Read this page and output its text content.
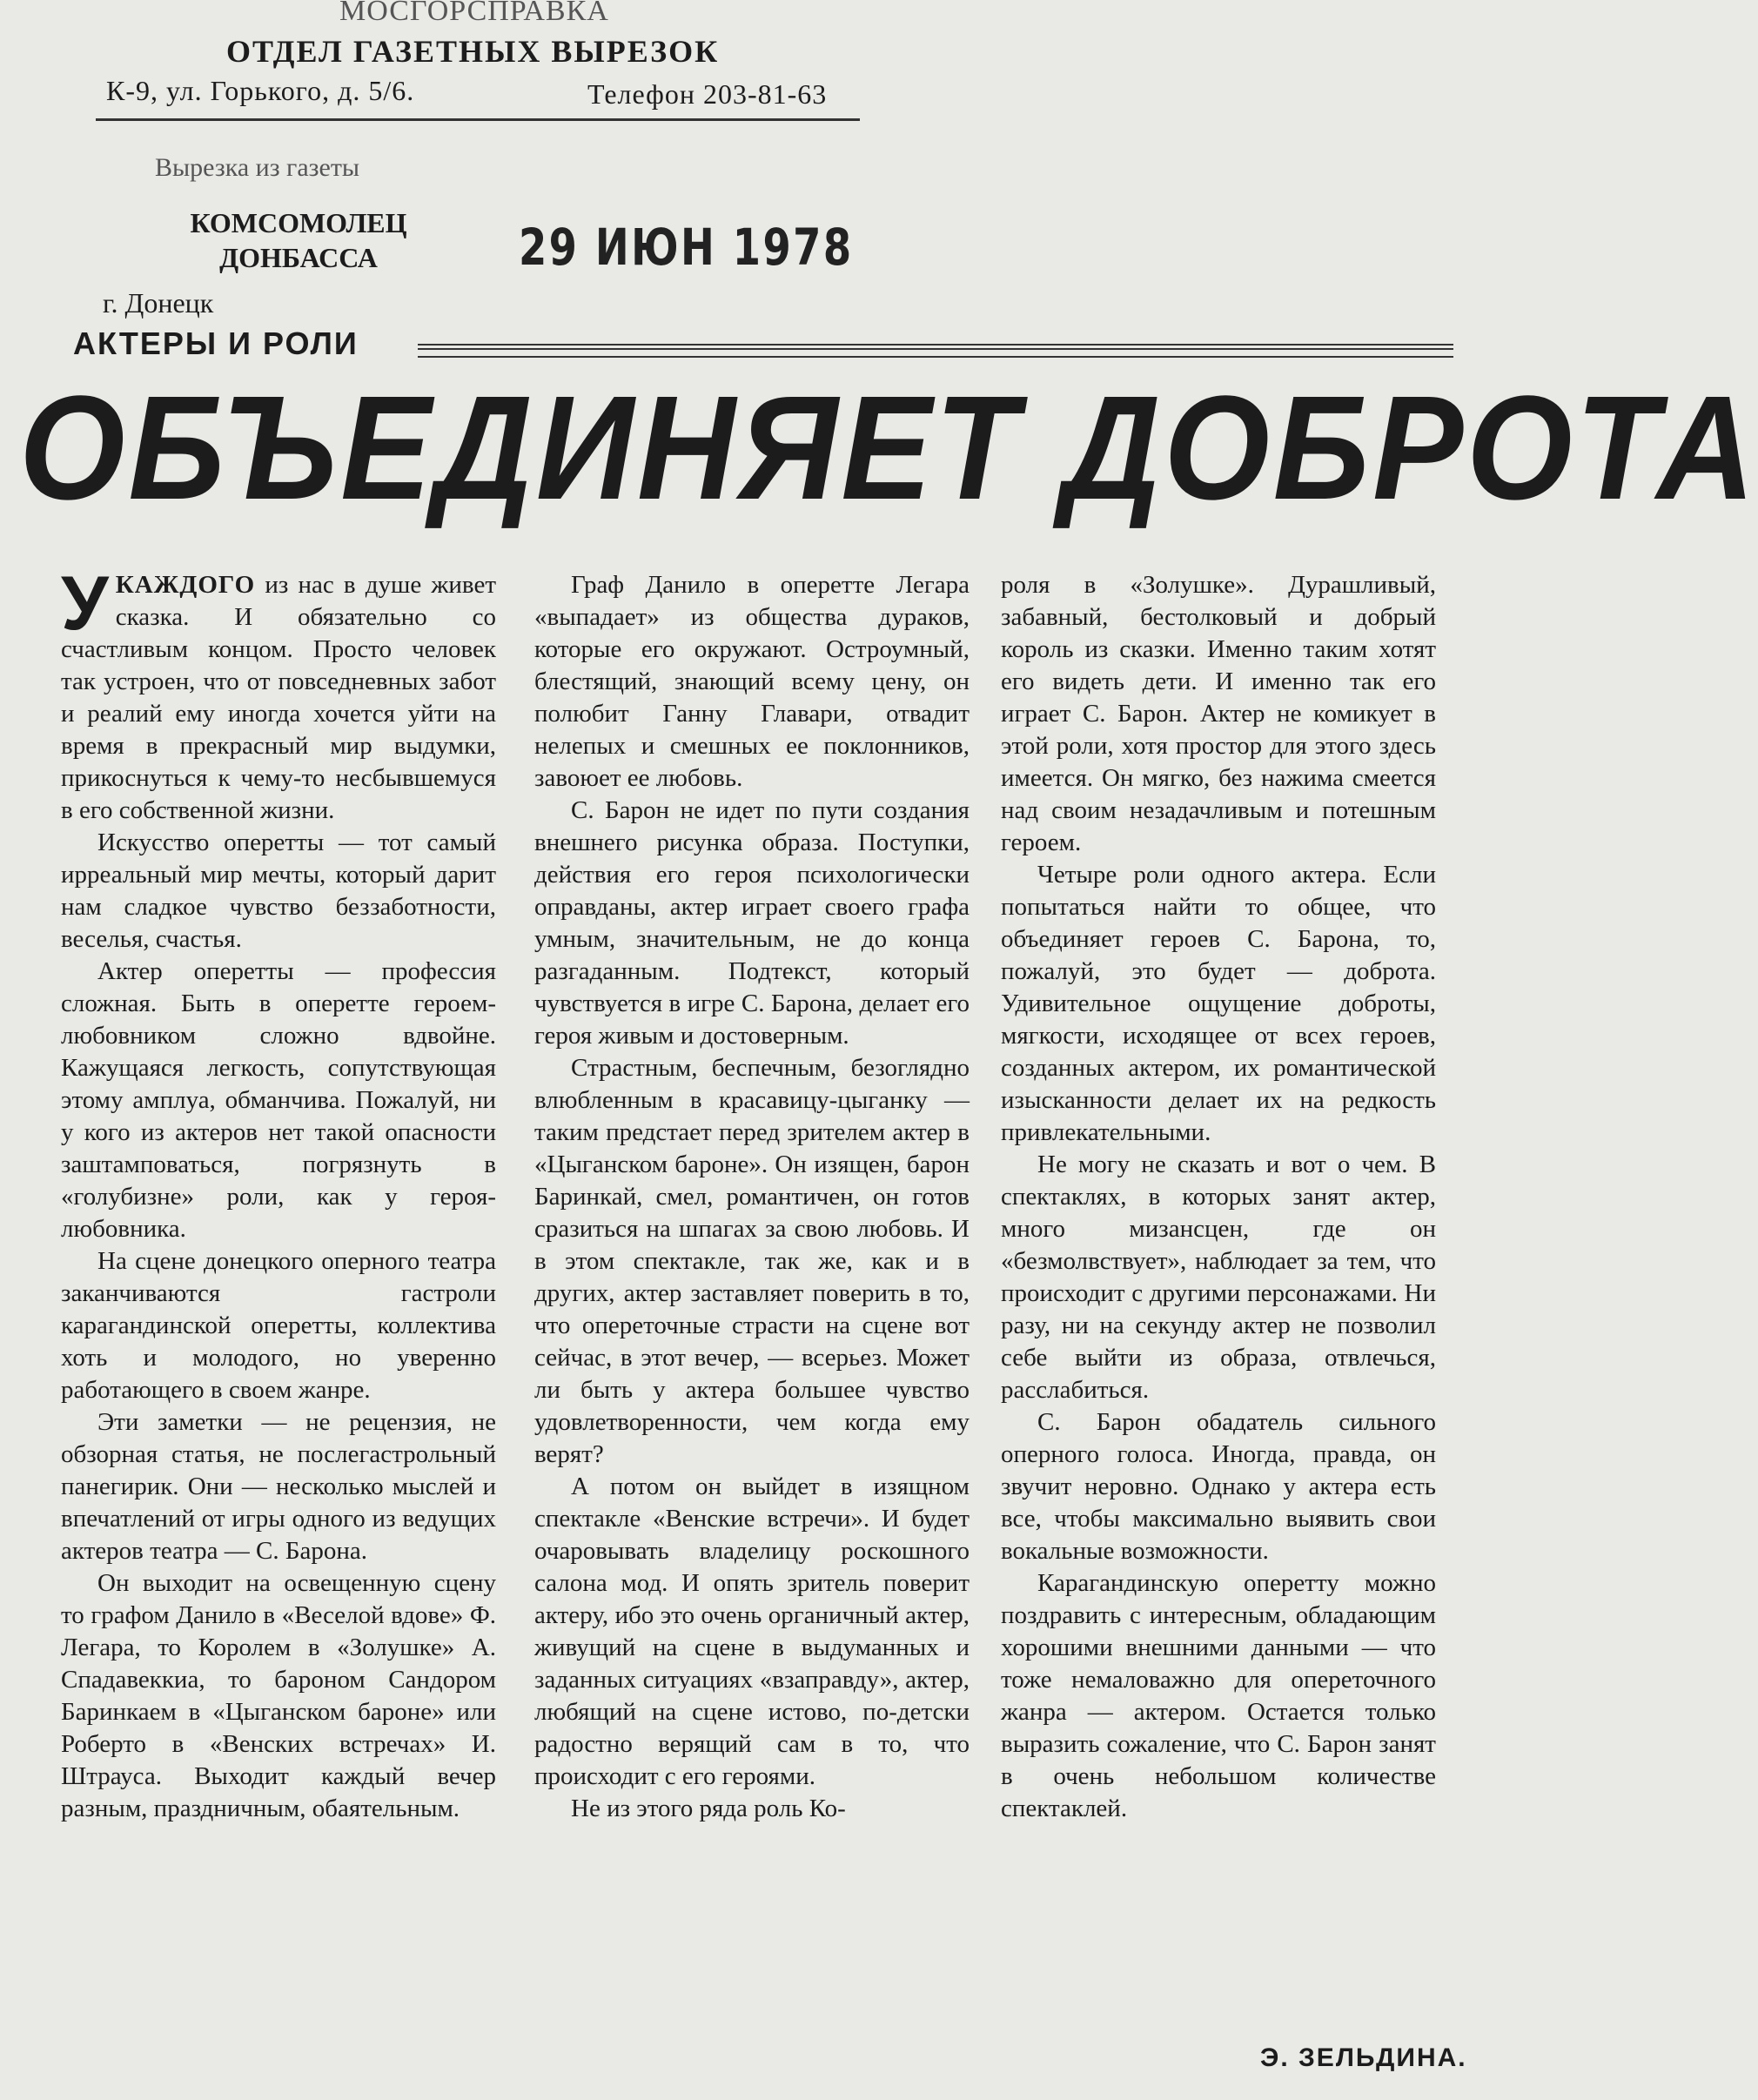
МОСГОРСПРАВКА
ОТДЕЛ ГАЗЕТНЫХ ВЫРЕЗОК
К-9, ул. Горького, д. 5/6.	Телефон 203-81-63
Вырезка из газеты
КОМСОМОЛЕЦ ДОНБАССА	29 ИЮН 1978
г. Донецк
АКТЕРЫ И РОЛИ
ОБЪЕДИНЯЕТ ДОБРОТА

УКАЖДОГО из нас в душе живет сказка. И обязательно со счастливым концом. Просто человек так устроен, что от повседневных забот и реалий ему иногда хочется уйти на время в прекрасный мир выдумки, прикоснуться к чему-то несбывшемуся в его собственной жизни.

Искусство оперетты — тот самый ирреальный мир мечты, который дарит нам сладкое чувство беззаботности, веселья, счастья.

Актер оперетты — профессия сложная. Быть в оперетте героем-любовником сложно вдвойне. Кажущаяся легкость, сопутствующая этому амплуа, обманчива. Пожалуй, ни у кого из актеров нет такой опасности заштамповаться, погрязнуть в «голубизне» роли, как у героя-любовника.

На сцене донецкого оперного театра заканчиваются гастроли карагандинской оперетты, коллектива хоть и молодого, но уверенно работающего в своем жанре.

Эти заметки — не рецензия, не обзорная статья, не послегастрольный панегирик. Они — несколько мыслей и впечатлений от игры одного из ведущих актеров театра — С. Барона.

Он выходит на освещенную сцену то графом Данило в «Веселой вдове» Ф. Легара, то Королем в «Золушке» А. Спадавеккиа, то бароном Сандором Баринкаем в «Цыганском бароне» или Роберто в «Венских встречах» И. Штрауса. Выходит каждый вечер разным, праздничным, обаятельным.

Граф Данило в оперетте Легара «выпадает» из общества дураков, которые его окружают. Остроумный, блестящий, знающий всему цену, он полюбит Ганну Главари, отвадит нелепых и смешных ее поклонников, завоюет ее любовь.

С. Барон не идет по пути создания внешнего рисунка образа. Поступки, действия его героя психологически оправданы, актер играет своего графа умным, значительным, не до конца разгаданным. Подтекст, который чувствуется в игре С. Барона, делает его героя живым и достоверным.

Страстным, беспечным, безоглядно влюбленным в красавицу-цыганку — таким предстает перед зрителем актер в «Цыганском бароне». Он изящен, барон Баринкай, смел, романтичен, он готов сразиться на шпагах за свою любовь. И в этом спектакле, так же, как и в других, актер заставляет поверить в то, что опереточные страсти на сцене вот сейчас, в этот вечер, — всерьез. Может ли быть у актера большее чувство удовлетворенности, чем когда ему верят?

А потом он выйдет в изящном спектакле «Венские встречи». И будет очаровывать владелицу роскошного салона мод. И опять зритель поверит актеру, ибо это очень органичный актер, живущий на сцене в выдуманных и заданных ситуациях «взаправду», актер, любящий на сцене истово, по-детски радостно верящий сам в то, что происходит с его героями.

Не из этого ряда роль Ко-

роля в «Золушке». Дурашливый, забавный, бестолковый и добрый король из сказки. Именно таким хотят его видеть дети. И именно так его играет С. Барон. Актер не комикует в этой роли, хотя простор для этого здесь имеется. Он мягко, без нажима смеется над своим незадачливым и потешным героем.

Четыре роли одного актера. Если попытаться найти то общее, что объединяет героев С. Барона, то, пожалуй, это будет — доброта. Удивительное ощущение доброты, мягкости, исходящее от всех героев, созданных актером, их романтической изысканности делает их на редкость привлекательными.

Не могу не сказать и вот о чем. В спектаклях, в которых занят актер, много мизансцен, где он «безмолвствует», наблюдает за тем, что происходит с другими персонажами. Ни разу, ни на секунду актер не позволил себе выйти из образа, отвлечься, расслабиться.

С. Барон обадатель сильного оперного голоса. Иногда, правда, он звучит неровно. Однако у актера есть все, чтобы максимально выявить свои вокальные возможности.

Карагандинскую оперетту можно поздравить с интересным, обладающим хорошими внешними данными — что тоже немаловажно для опереточного жанра — актером. Остается только выразить сожаление, что С. Барон занят в очень небольшом количестве спектаклей.

Э. ЗЕЛЬДИНА.
